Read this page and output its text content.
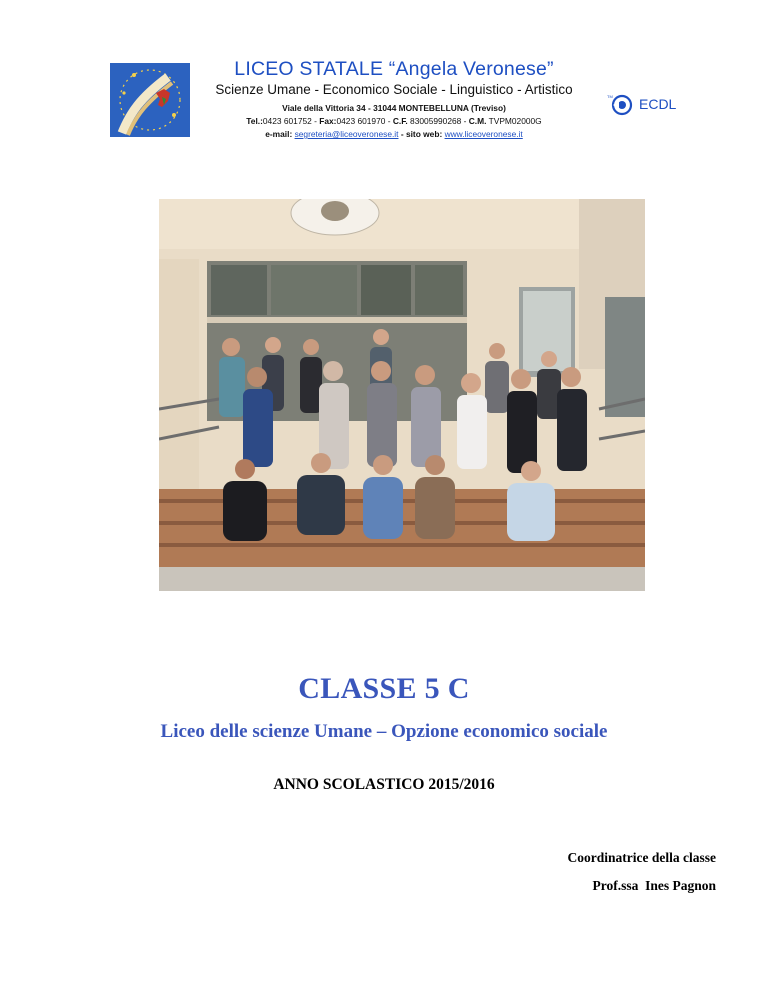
LICEO STATALE “Angela Veronese”
Scienze Umane - Economico Sociale - Linguistico - Artistico
Viale della Vittoria 34 - 31044 MONTEBELLUNA (Treviso)
Tel.:0423 601752 - Fax:0423 601970 - C.F. 83005990268 - C.M. TVPM02000G
e-mail: segreteria@liceoveronese.it - sito web: www.liceoveronese.it
TM ECDL
CLASSE 5 C
Liceo delle scienze Umane – Opzione economico sociale
ANNO SCOLASTICO 2015/2016
Coordinatrice della classe
Prof.ssa  Ines Pagnon
